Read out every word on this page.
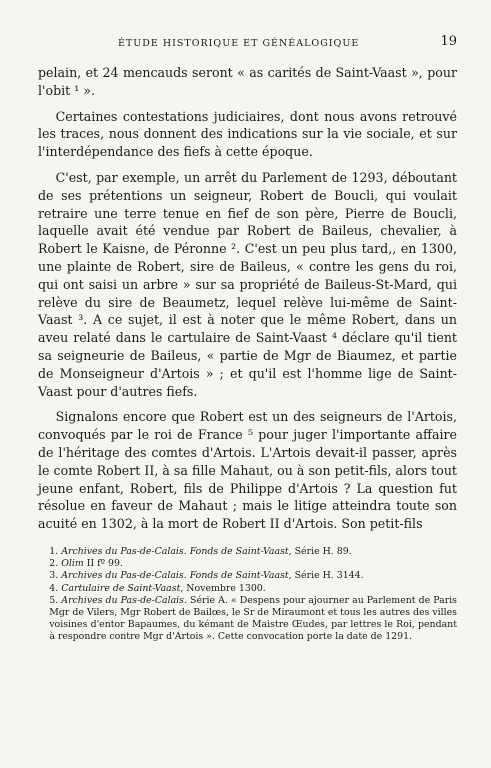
ÉTUDE HISTORIQUE ET GÉNÉALOGIQUE	19

pelain, et 24 mencauds seront « as carités de Saint-Vaast », pour l'obit ¹ ».

Certaines contestations judiciaires, dont nous avons retrouvé les traces, nous donnent des indications sur la vie sociale, et sur l'interdépendance des fiefs à cette époque.

C'est, par exemple, un arrêt du Parlement de 1293, déboutant de ses prétentions un seigneur, Robert de Boucli, qui voulait retraire une terre tenue en fief de son père, Pierre de Boucli, laquelle avait été vendue par Robert de Baileus, chevalier, à Robert le Kaisne, de Péronne ². C'est un peu plus tard,, en 1300, une plainte de Robert, sire de Baileus, « contre les gens du roi, qui ont saisi un arbre » sur sa propriété de Baileus-St-Mard, qui relève du sire de Beaumetz, lequel relève lui-même de Saint-Vaast ³. A ce sujet, il est à noter que le même Robert, dans un aveu relaté dans le cartulaire de Saint-Vaast ⁴ déclare qu'il tient sa seigneurie de Baileus, « partie de Mgr de Biaumez, et partie de Monseigneur d'Artois » ; et qu'il est l'homme lige de Saint-Vaast pour d'autres fiefs.

Signalons encore que Robert est un des seigneurs de l'Artois, convoqués par le roi de France ⁵ pour juger l'importante affaire de l'héritage des comtes d'Artois. L'Artois devait-il passer, après le comte Robert II, à sa fille Mahaut, ou à son petit-fils, alors tout jeune enfant, Robert, fils de Philippe d'Artois ? La question fut résolue en faveur de Mahaut ; mais le litige atteindra toute son acuité en 1302, à la mort de Robert II d'Artois. Son petit-fils

1. Archives du Pas-de-Calais. Fonds de Saint-Vaast, Série H. 89.

2. Olim II fº 99.

3. Archives du Pas-de-Calais. Fonds de Saint-Vaast, Série H. 3144.

4. Cartulaire de Saint-Vaast, Novembre 1300.

5. Archives du Pas-de-Calais. Série A. « Despens pour ajourner au Parlement de Paris Mgr de Vilers, Mgr Robert de Bailœs, le Sr de Miraumont et tous les autres des villes voisines d'entor Bapaumes, du kémant de Maistre Œudes, par lettres le Roi, pendant à respondre contre Mgr d'Artois ». Cette convocation porte la date de 1291.
